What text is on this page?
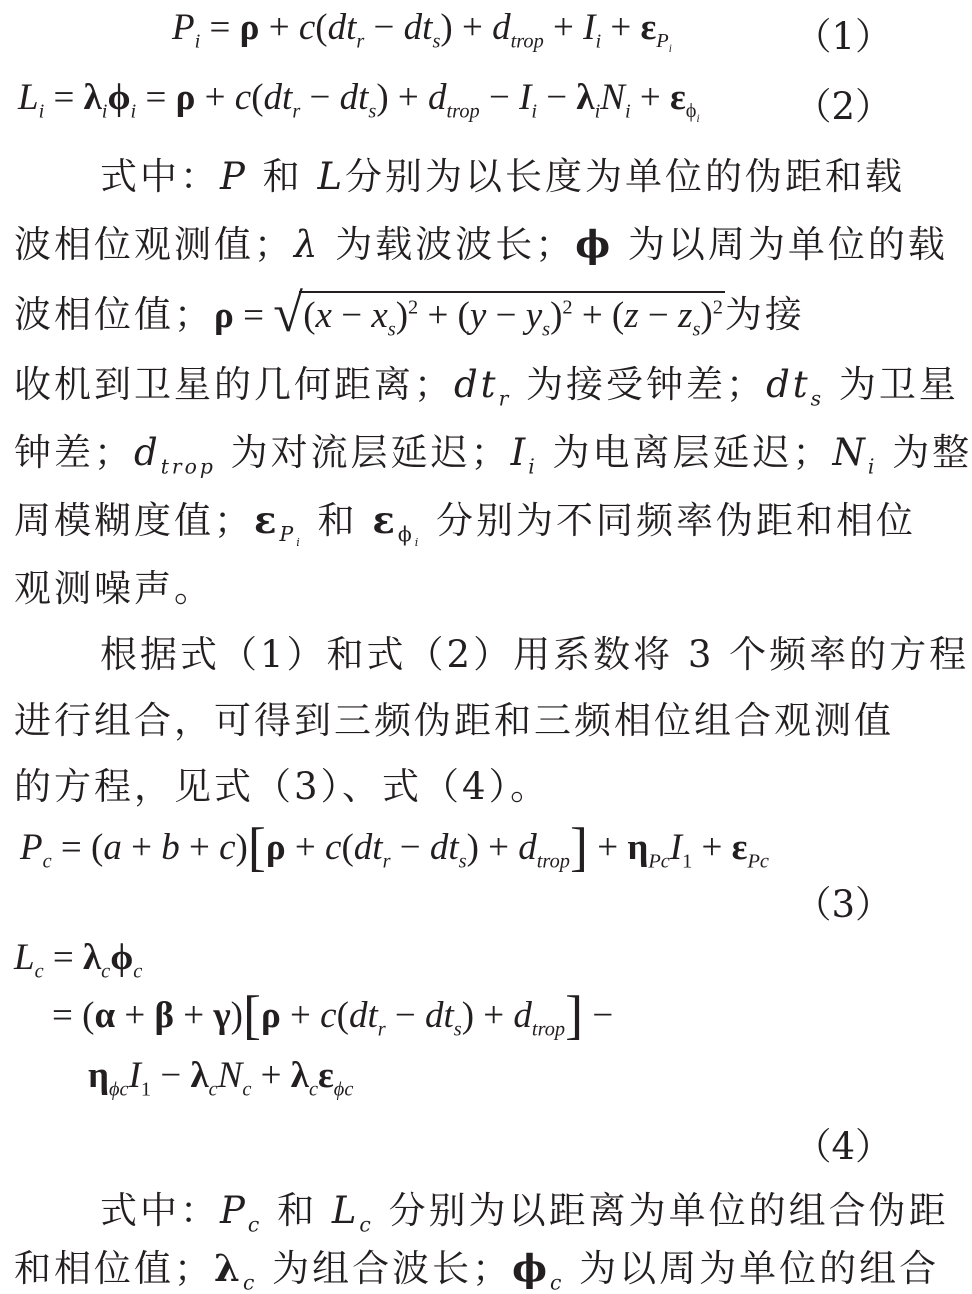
$P_i = \rho + c(dt_r - dt_s) + d_{trop} + I_i + \varepsilon_{P_i}$	（1）
$L_i = \lambda_i\phi_i = \rho + c(dt_r - dt_s) + d_{trop} - I_i - \lambda_iN_i + \varepsilon_{\phi_i}$	（2）
式中：P 和 L分别为以长度为单位的伪距和载
波相位观测值；λ 为载波波长；ϕ 为以周为单位的载
波相位值；ρ = √ $(x - x_s)^2 + (y - y_s)^2 + (z - z_s)^2$为接
收机到卫星的几何距离；$dt_r$ 为接受钟差；$dt_s$ 为卫星
钟差；$d_{trop}$ 为对流层延迟；$I_i$ 为电离层延迟；$N_i$ 为整
周模糊度值；$\varepsilon_{P_i}$ 和 $\varepsilon_{\phi_i}$ 分别为不同频率伪距和相位
观测噪声。
根据式（1）和式（2）用系数将 3 个频率的方程
进行组合，可得到三频伪距和三频相位组合观测值
的方程，见式（3）、式（4）。
$P_c = (a + b + c)[\rho + c(dt_r - dt_s) + d_{trop}] + \eta_{Pc}I_1 + \varepsilon_{Pc}$
（3）
$L_c = \lambda_c\phi_c$
= $(\alpha + \beta + \gamma)[\rho + c(dt_r - dt_s) + d_{trop}]$ −
$\eta_{\phi c}I_1 - \lambda_cN_c + \lambda_c\varepsilon_{\phi c}$
（4）
式中：$P_c$ 和 $L_c$ 分别为以距离为单位的组合伪距
和相位值；$\lambda_c$ 为组合波长；$\phi_c$ 为以周为单位的组合
